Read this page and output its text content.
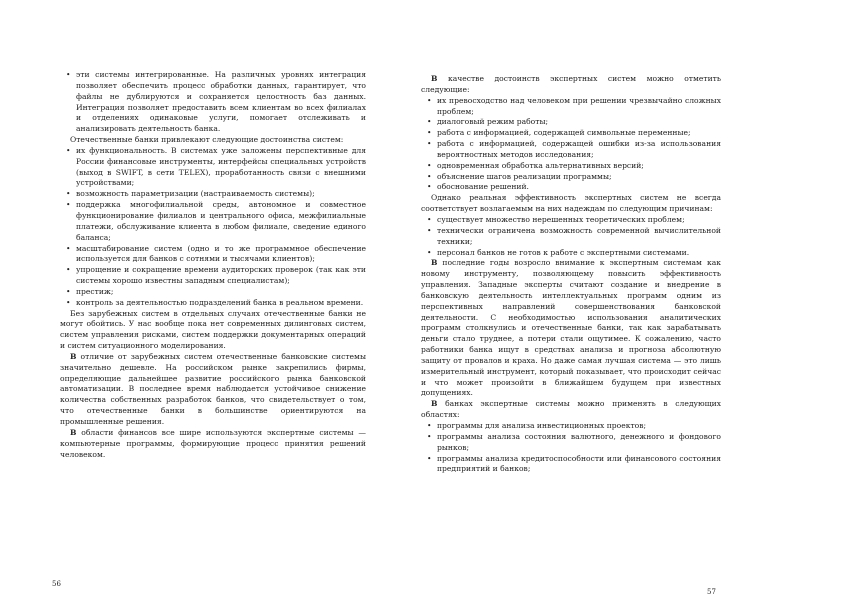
• эти системы интегрированные. На различных уровнях интеграция позволяет обеспечить процесс обработки данных, гарантирует, что файлы не дублируются и сохраняется целостность баз данных. Интеграция позволяет предоставить всем клиентам во всех филиалах и отделениях одинаковые услуги, помогает отслеживать и анализировать деятельность банка.

Отечественные банки привлекают следующие достоинства систем:

• их функциональность. В системах уже заложены перспективные для России финансовые инструменты, интерфейсы специальных устройств (выход в SWIFT, в сети TELEX), проработанность связи с внешними устройствами;
• возможность параметризации (настраиваемость системы);
• поддержка многофилиальной среды, автономное и совместное функционирование филиалов и центрального офиса, межфилиальные платежи, обслуживание клиента в любом филиале, сведение единого баланса;
• масштабирование систем (одно и то же программное обеспечение используется для банков с сотнями и тысячами клиентов);
• упрощение и сокращение времени аудиторских проверок (так как эти системы хорошо известны западным специалистам);
• престиж;
• контроль за деятельностью подразделений банка в реальном времени.

Без зарубежных систем в отдельных случаях отечественные банки не могут обойтись. У нас вообще пока нет современных дилинговых систем, систем управления рисками, систем поддержки документарных операций и систем ситуационного моделирования.

В отличие от зарубежных систем отечественные банковские системы значительно дешевле. На российском рынке закрепились фирмы, определяющие дальнейшее развитие российского рынка банковской автоматизации. В последнее время наблюдается устойчивое снижение количества собственных разработок банков, что свидетельствует о том, что отечественные банки в большинстве ориентируются на промышленные решения.

В области финансов все шире используются экспертные системы — компьютерные программы, формирующие процесс принятия решений человеком.

56

В качестве достоинств экспертных систем можно отметить следующие:

• их превосходство над человеком при решении чрезвычайно сложных проблем;
• диалоговый режим работы;
• работа с информацией, содержащей символьные переменные;
• работа с информацией, содержащей ошибки из-за использования вероятностных методов исследования;
• одновременная обработка альтернативных версий;
• объяснение шагов реализации программы;
• обоснование решений.

Однако реальная эффективность экспертных систем не всегда соответствует возлагаемым на них надеждам по следующим причинам:

• существует множество нерешенных теоретических проблем;
• технически ограничена возможность современной вычислительной техники;
• персонал банков не готов к работе с экспертными системами.

В последние годы возросло внимание к экспертным системам как новому инструменту, позволяющему повысить эффективность управления. Западные эксперты считают создание и внедрение в банковскую деятельность интеллектуальных программ одним из перспективных направлений совершенствования банковской деятельности. С необходимостью использования аналитических программ столкнулись и отечественные банки, так как зарабатывать деньги стало труднее, а потери стали ощутимее. К сожалению, часто работники банка ищут в средствах анализа и прогноза абсолютную защиту от провалов и краха. Но даже самая лучшая система — это лишь измерительный инструмент, который показывает, что происходит сейчас и что может произойти в ближайшем будущем при известных допущениях.

В банках экспертные системы можно применять в следующих областях:

• программы для анализа инвестиционных проектов;
• программы анализа состояния валютного, денежного и фондового рынков;
• программы анализа кредитоспособности или финансового состояния предприятий и банков;
57
